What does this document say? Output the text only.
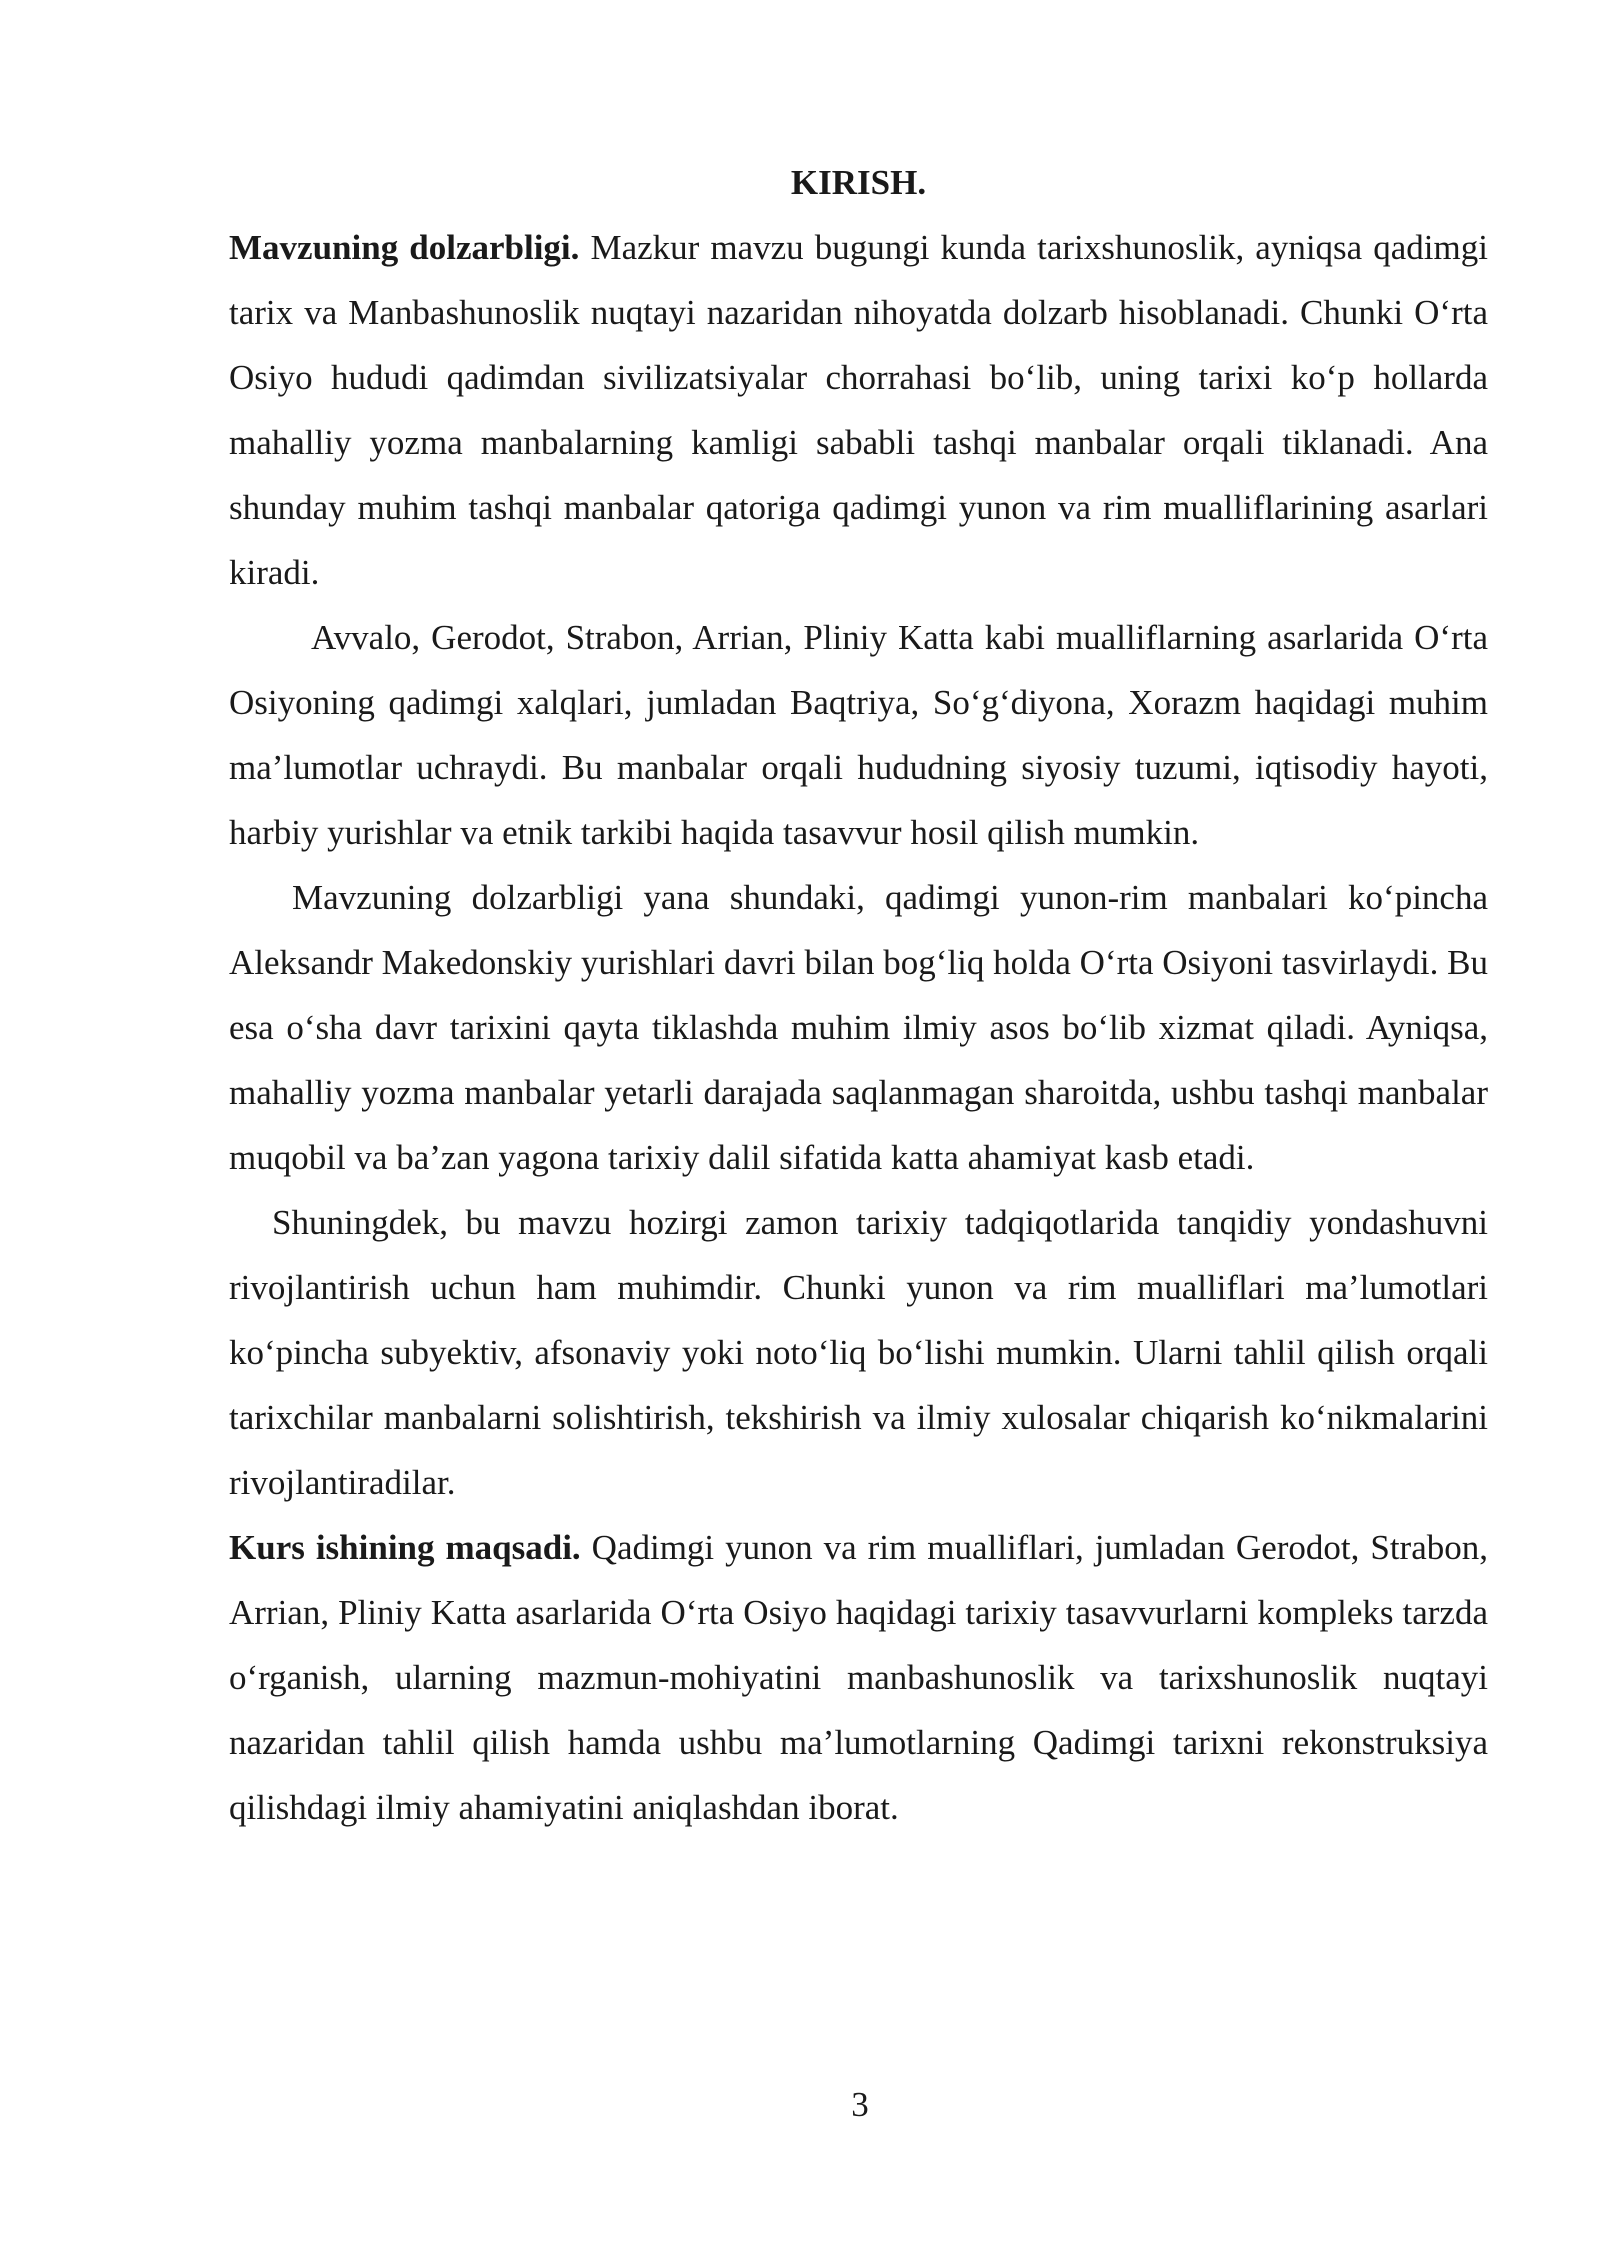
KIRISH.

Mavzuning dolzarbligi. Mazkur mavzu bugungi kunda tarixshunoslik, ayniqsa qadimgi tarix va Manbashunoslik nuqtayi nazaridan nihoyatda dolzarb hisoblanadi. Chunki O‘rta Osiyo hududi qadimdan sivilizatsiyalar chorrahasi bo‘lib, uning tarixi ko‘p hollarda mahalliy yozma manbalarning kamligi sababli tashqi manbalar orqali tiklanadi. Ana shunday muhim tashqi manbalar qatoriga qadimgi yunon va rim mualliflarining asarlari kiradi.

Avvalo, Gerodot, Strabon, Arrian, Pliniy Katta kabi mualliflarning asarlarida O‘rta Osiyoning qadimgi xalqlari, jumladan Baqtriya, So‘g‘diyona, Xorazm haqidagi muhim ma’lumotlar uchraydi. Bu manbalar orqali hududning siyosiy tuzumi, iqtisodiy hayoti, harbiy yurishlar va etnik tarkibi haqida tasavvur hosil qilish mumkin.

Mavzuning dolzarbligi yana shundaki, qadimgi yunon-rim manbalari ko‘pincha Aleksandr Makedonskiy yurishlari davri bilan bog‘liq holda O‘rta Osiyoni tasvirlaydi. Bu esa o‘sha davr tarixini qayta tiklashda muhim ilmiy asos bo‘lib xizmat qiladi. Ayniqsa, mahalliy yozma manbalar yetarli darajada saqlanmagan sharoitda, ushbu tashqi manbalar muqobil va ba’zan yagona tarixiy dalil sifatida katta ahamiyat kasb etadi.

Shuningdek, bu mavzu hozirgi zamon tarixiy tadqiqotlarida tanqidiy yondashuvni rivojlantirish uchun ham muhimdir. Chunki yunon va rim mualliflari ma’lumotlari ko‘pincha subyektiv, afsonaviy yoki noto‘liq bo‘lishi mumkin. Ularni tahlil qilish orqali tarixchilar manbalarni solishtirish, tekshirish va ilmiy xulosalar chiqarish ko‘nikmalarini rivojlantiradilar.

Kurs ishining maqsadi. Qadimgi yunon va rim mualliflari, jumladan Gerodot, Strabon, Arrian, Pliniy Katta asarlarida O‘rta Osiyo haqidagi tarixiy tasavvurlarni kompleks tarzda o‘rganish, ularning mazmun-mohiyatini manbashunoslik va tarixshunoslik nuqtayi nazaridan tahlil qilish hamda ushbu ma’lumotlarning Qadimgi tarixni rekonstruksiya qilishdagi ilmiy ahamiyatini aniqlashdan iborat.

3
